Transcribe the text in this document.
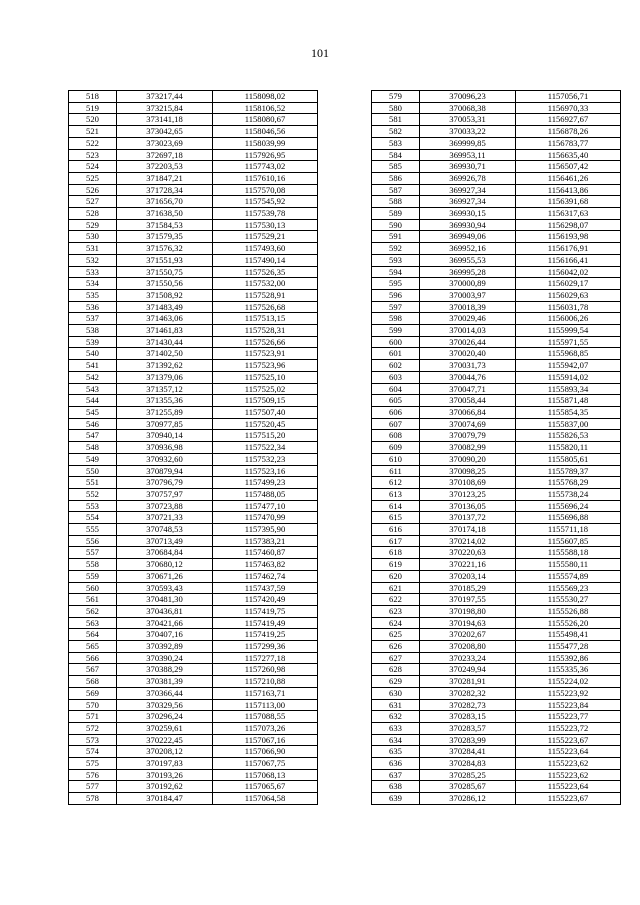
101
518	373217,44	1158098,02
519	373215,84	1158106,52
520	373141,18	1158080,67
521	373042,65	1158046,56
522	373023,69	1158039,99
523	372697,18	1157926,95
524	372203,53	1157743,02
525	371847,21	1157610,16
526	371728,34	1157570,08
527	371656,70	1157545,92
528	371638,50	1157539,78
529	371584,53	1157530,13
530	371579,35	1157529,21
531	371576,32	1157493,60
532	371551,93	1157490,14
533	371550,75	1157526,35
534	371550,56	1157532,00
535	371508,92	1157528,91
536	371483,49	1157526,68
537	371463,06	1157513,15
538	371461,83	1157528,31
539	371430,44	1157526,66
540	371402,50	1157523,91
541	371392,62	1157523,96
542	371379,06	1157525,10
543	371357,12	1157525,02
544	371355,36	1157509,15
545	371255,89	1157507,40
546	370977,85	1157520,45
547	370940,14	1157515,20
548	370936,98	1157522,34
549	370932,60	1157532,23
550	370879,94	1157523,16
551	370796,79	1157499,23
552	370757,97	1157488,05
553	370723,88	1157477,10
554	370721,33	1157470,99
555	370748,53	1157395,90
556	370713,49	1157383,21
557	370684,84	1157460,87
558	370680,12	1157463,82
559	370671,26	1157462,74
560	370593,43	1157437,59
561	370481,30	1157420,49
562	370436,81	1157419,75
563	370421,66	1157419,49
564	370407,16	1157419,25
565	370392,89	1157299,36
566	370390,24	1157277,18
567	370388,29	1157260,98
568	370381,39	1157210,88
569	370366,44	1157163,71
570	370329,56	1157113,00
571	370296,24	1157088,55
572	370259,61	1157073,26
573	370222,45	1157067,16
574	370208,12	1157066,90
575	370197,83	1157067,75
576	370193,26	1157068,13
577	370192,62	1157065,67
578	370184,47	1157064,58
579	370096,23	1157056,71
580	370068,38	1156970,33
581	370053,31	1156927,67
582	370033,22	1156878,26
583	369999,85	1156783,77
584	369953,11	1156635,40
585	369930,71	1156507,42
586	369926,78	1156461,26
587	369927,34	1156413,86
588	369927,34	1156391,68
589	369930,15	1156317,63
590	369930,94	1156298,07
591	369949,06	1156193,98
592	369952,16	1156176,91
593	369955,53	1156166,41
594	369995,28	1156042,02
595	370000,89	1156029,17
596	370003,97	1156029,63
597	370018,39	1156031,78
598	370029,46	1156006,26
599	370014,03	1155999,54
600	370026,44	1155971,55
601	370020,40	1155968,85
602	370031,73	1155942,07
603	370044,76	1155914,02
604	370047,71	1155893,34
605	370058,44	1155871,48
606	370066,84	1155854,35
607	370074,69	1155837,00
608	370079,79	1155826,53
609	370082,99	1155820,11
610	370090,20	1155805,61
611	370098,25	1155789,37
612	370108,69	1155768,29
613	370123,25	1155738,24
614	370136,05	1155696,24
615	370137,72	1155696,88
616	370174,18	1155711,18
617	370214,02	1155607,85
618	370220,63	1155588,18
619	370221,16	1155580,11
620	370203,14	1155574,89
621	370185,29	1155569,23
622	370197,55	1155530,27
623	370198,80	1155526,88
624	370194,63	1155526,20
625	370202,67	1155498,41
626	370208,80	1155477,28
627	370233,24	1155392,86
628	370249,94	1155335,36
629	370281,91	1155224,02
630	370282,32	1155223,92
631	370282,73	1155223,84
632	370283,15	1155223,77
633	370283,57	1155223,72
634	370283,99	1155223,67
635	370284,41	1155223,64
636	370284,83	1155223,62
637	370285,25	1155223,62
638	370285,67	1155223,64
639	370286,12	1155223,67
